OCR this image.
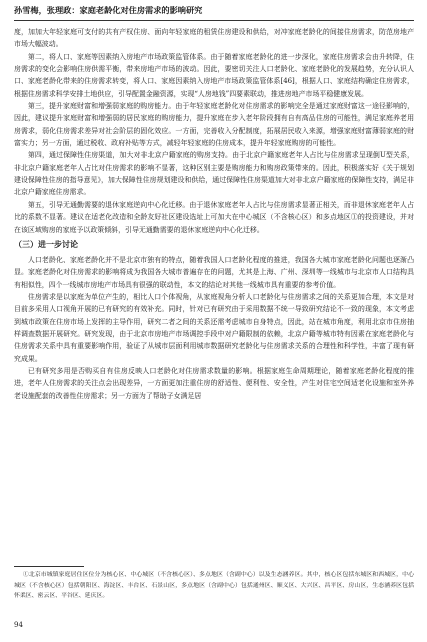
孙雪梅，张理政：家庭老龄化对住房需求的影响研究

度，加加大年轻家庭可支付的共有产权住房、面向年轻家庭的租赁住房建设和供给，对冲家庭老龄化的间接住房需求，防范房地产市场大幅波动。

第二，将人口、家庭等因素纳入房地产市场政策监管体系。由于随着家庭老龄化的进一步深化，家庭住房需求会由升转降，住房需求的变化会影响住房供需平衡，带来房地产市场的波动。因此，要密切关注人口老龄化、家庭老龄化的发展趋势，充分认识人口、家庭老龄化带来的住房需求转变，将人口、家庭因素纳入房地产市场政策监管体系[46]，根据人口、家庭结构确定住房需求，根据住房需求科学安排土地供应，引导配置金融资源，实现“人房地钱”四要素联动，推进房地产市场平稳健康发展。

第三，提升家庭财富和增强弱家庭的购房能力。由于年轻家庭老龄化对住房需求的影响完全是通过家庭财富这一途径影响的，因此，建议提升家庭财富和增强弱的居民家庭的购房能力，提升家庭在步入老年阶段拥有自有高品住房的可能性，满足家庭养老用房需求，弱化住房需求差异对社会阶层的固化效应。一方面，完善收入分配制度，拓展居民收入来源，增强家庭财富薄弱家庭的财富实力；另一方面，通过税收、政府补贴等方式，减轻年轻家庭的住房成本，提升年轻家庭购房的可能性。

第四，通过保障性住房渠道，加大对非北京户籍家庭的购房支持。由于北京户籍家庭老年人占比与住房需求呈现倒U型关系，非北京户籍家庭老年人占比对住房需求的影响不显著，这种区别主要是购房能力和购房政策带来的。因此，积极落实好《关于规划建设保障性住房的指导意见》，加大保障性住房规划建设和供给，通过保障性住房渠道加大对非北京户籍家庭的保障性支持，满足非北京户籍家庭住房需求。

第五，引导无通勤需要的退休家庭逆向中心化迁移。由于退休家庭老年人占比与住房需求显著正相关，而非退休家庭老年人占比的系数不显著。建议在适老化改造和全龄友好社区建设选址上可加大在中心城区（不含核心区）和多点地区①的投资建设，并对在该区域购房的家庭予以政策倾斜，引导无通勤需要的退休家庭逆向中心化迁移。

（三）进一步讨论

人口老龄化、家庭老龄化并不是北京市独有的特点，随着我国人口老龄化程度的推进，我国各大城市家庭老龄化问题也逐渐凸显。家庭老龄化对住房需求的影响将成为我国各大城市普遍存在的问题，尤其是上海、广州、深圳等一线城市与北京市人口结构具有相似性，四个一线城市房地产市场具有很强的联动性，本文的结论对其他一线城市具有重要的参考价值。

住房需求是以家庭为单位产生的，相比人口个体视角，从家庭视角分析人口老龄化与住房需求之间的关系更加合理，本文是对目前多采用人口视角开展的已有研究的有效补充。同时，针对已有研究由于采用数据不统一导致研究结论不一致的现象，本文考虑到城市政策在住房市场上发挥的主导作用，研究二者之间的关系还需考虑城市自身特点，因此，站在城市角度，利用北京市住房抽样调查数据开展研究。研究发现，由于北京市房地产市场调控手段中对户籍限制的依赖，北京户籍等城市特有因素在家庭老龄化与住房需求关系中具有重要影响作用，验证了从城市层面利用城市数据研究老龄化与住房需求关系的合理性和科学性，丰富了现有研究成果。

已有研究多用是否购买自有住房反映人口老龄化对住房需求数量的影响。根据家庭生命周期理论，随着家庭老龄化程度的推进，老年人住房需求的关注点会出现差异，一方面更加注重住房的舒适性、便利性、安全性，产生对住宅空间适老化设施和室外养老设施配套的改善性住房需求；另一方面为了帮助子女满足居

①北京市城镇家庭居住区位分为核心区、中心城区（不含核心区）、多点地区（含副中心）以及生态涵养区。其中，核心区包括东城区和西城区，中心城区（不含核心区）包括朝阳区、海淀区、丰台区、石景山区，多点地区（含副中心）包括通州区、顺义区、大兴区、昌平区、房山区，生态涵养区包括怀柔区、密云区、平谷区、延庆区。
94
